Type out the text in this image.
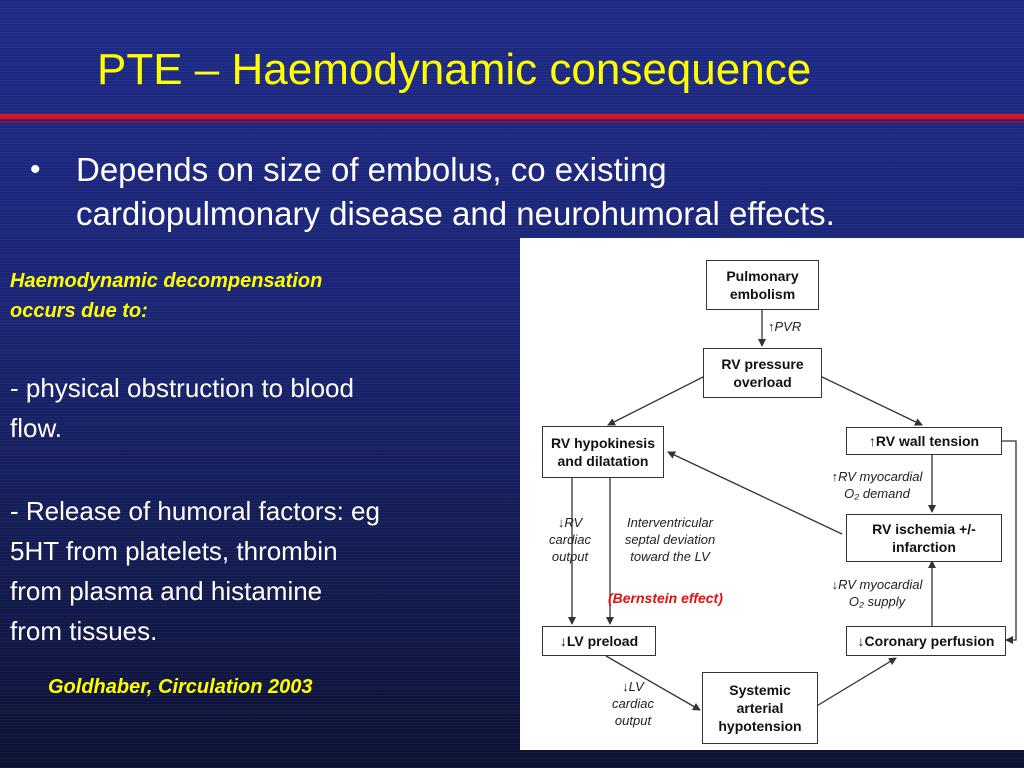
PTE – Haemodynamic consequence
• Depends on size of embolus, co existing
cardiopulmonary disease and neurohumoral effects.
Haemodynamic decompensation
occurs due to:
- physical obstruction to blood
flow.
- Release of humoral factors: eg
5HT from platelets, thrombin
from plasma and histamine
from tissues.
Goldhaber, Circulation 2003
Pulmonary
embolism
RV pressure
overload
RV hypokinesis
and dilatation
↑RV wall tension
RV ischemia +/-
infarction
↓LV preload	↓Coronary perfusion
Systemic
arterial
hypotension
↑PVR
↓RV
cardiac
output
Interventricular
septal deviation
toward the LV
↑RV myocardial
O₂ demand
↓RV myocardial
O₂ supply
↓LV
cardiac
output
(Bernstein effect)
